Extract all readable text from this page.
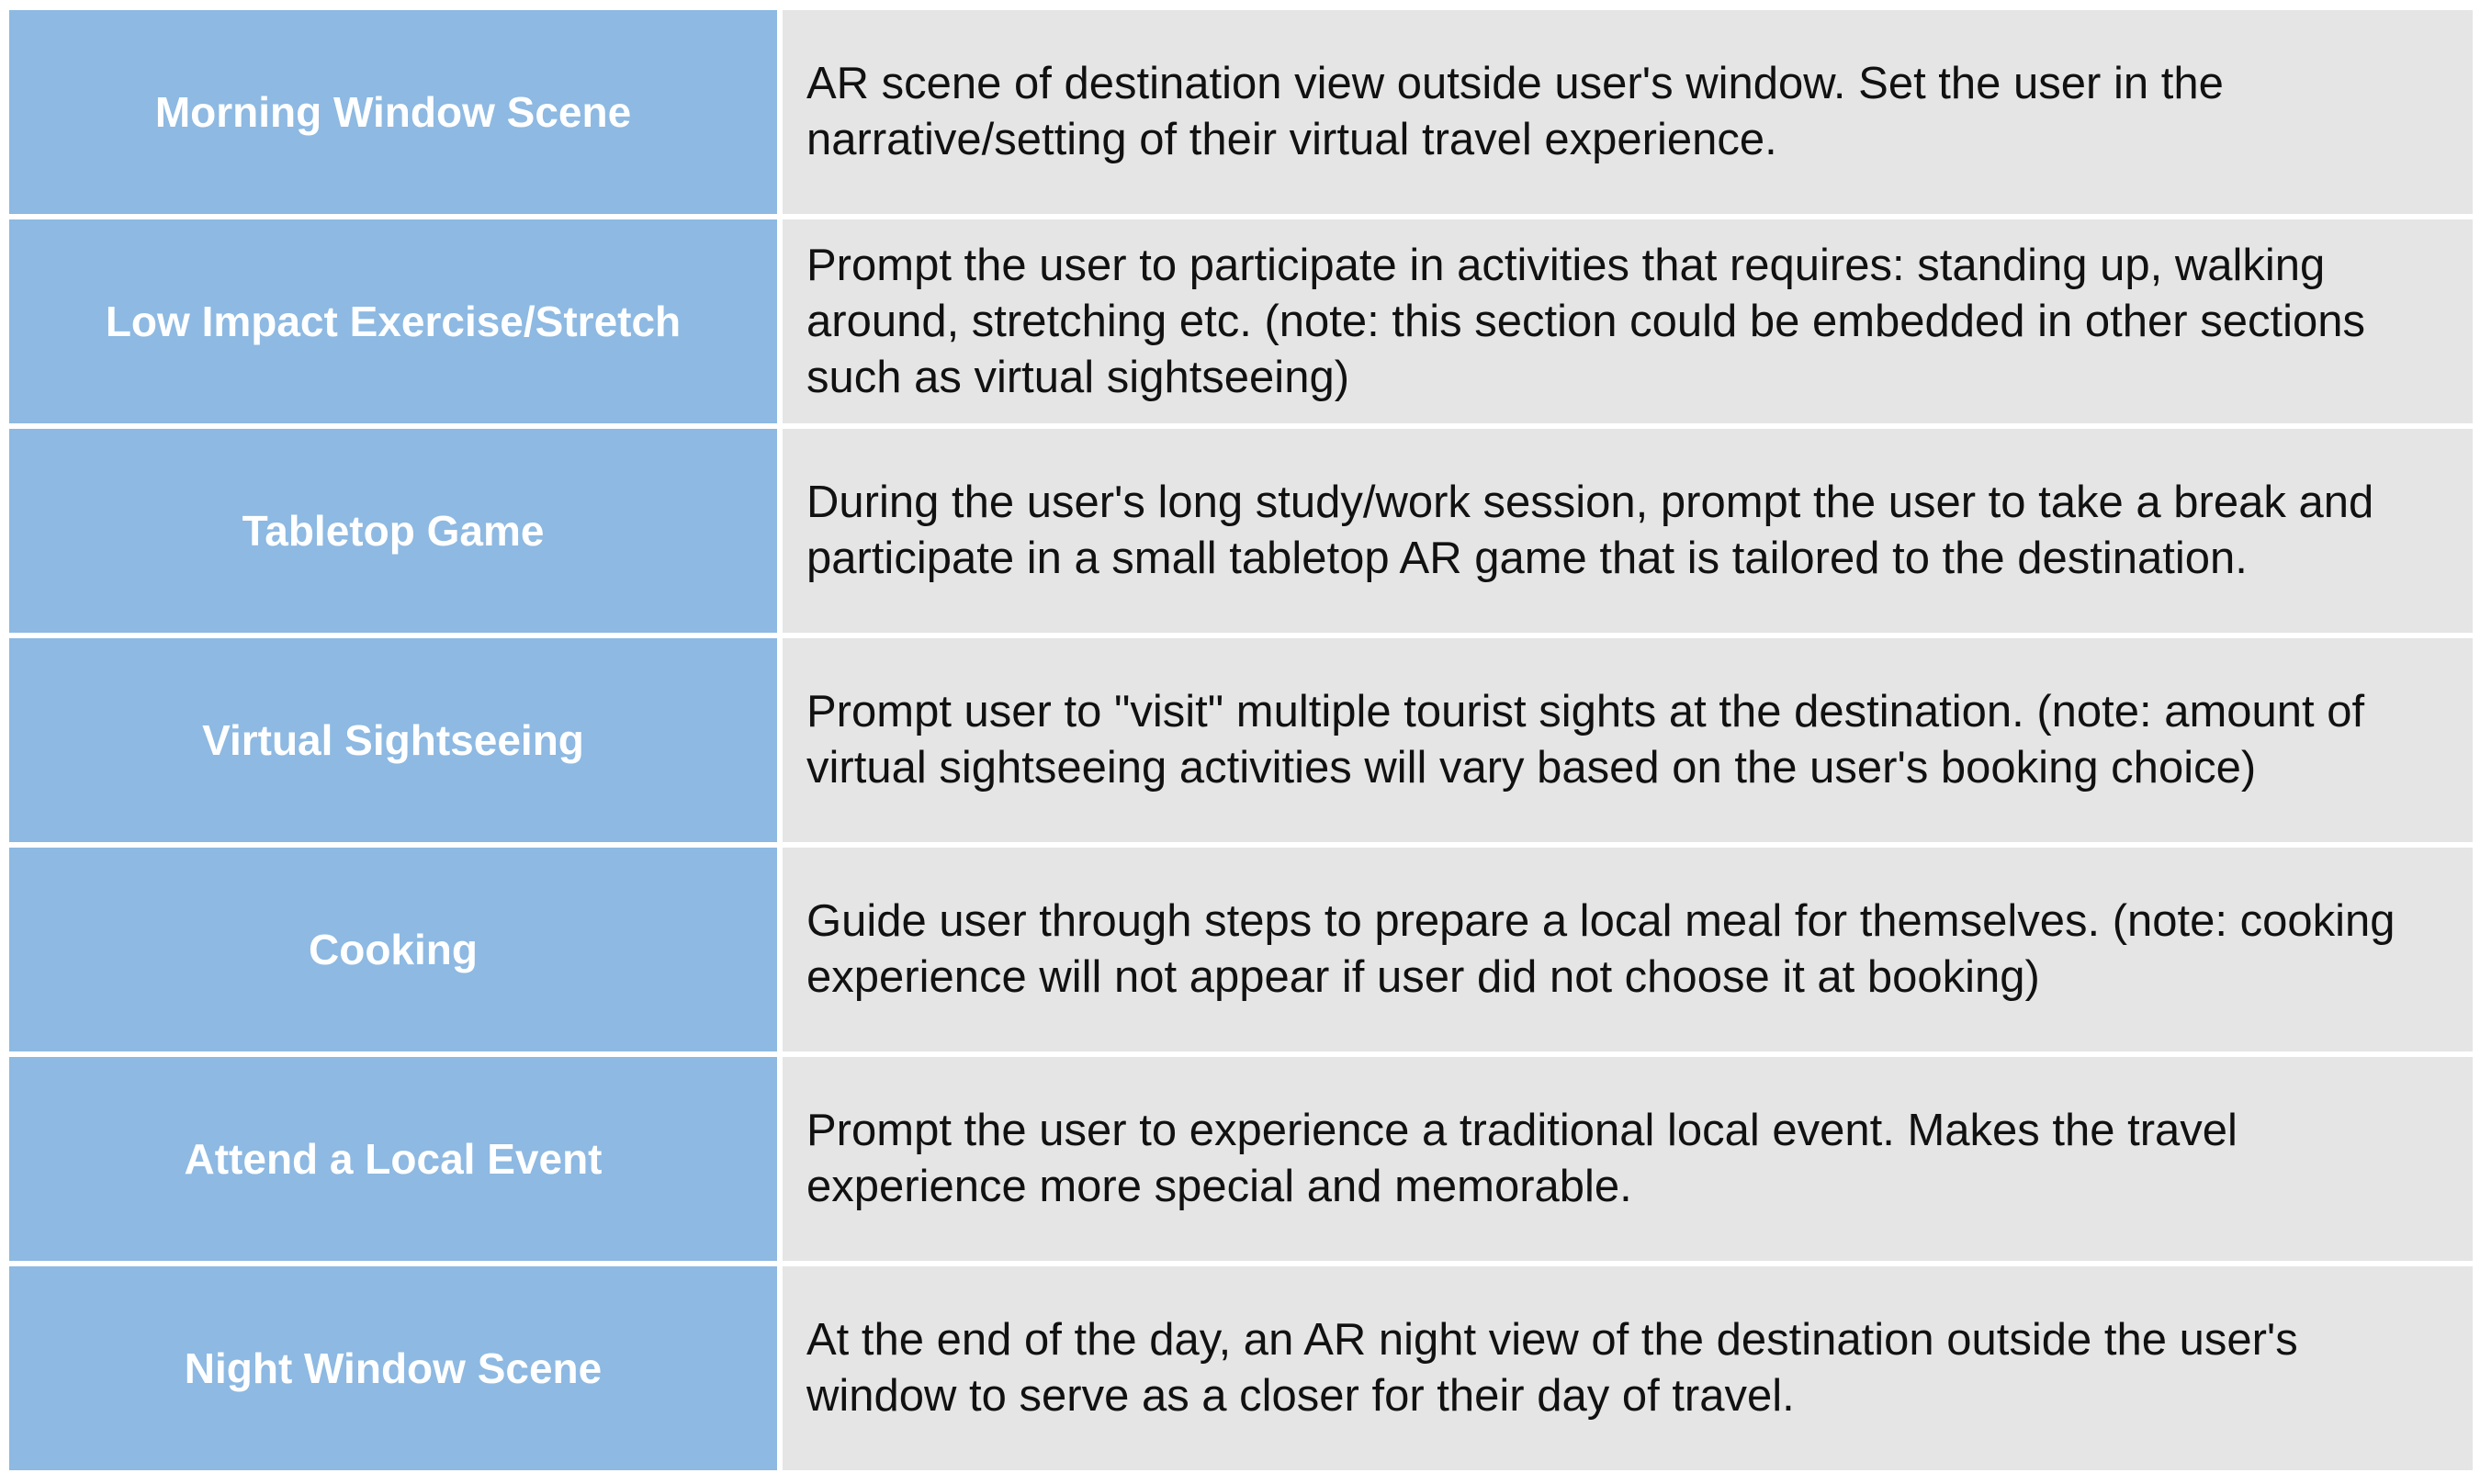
Morning Window Scene
AR scene of destination view outside user's window. Set the user in the narrative/setting of their virtual travel experience.
Low Impact Exercise/Stretch
Prompt the user to participate in activities that requires: standing up, walking around, stretching etc. (note: this section could be embedded in other sections such as virtual sightseeing)
Tabletop Game
During the user's long study/work session, prompt the user to take a break and participate in a small tabletop AR game that is tailored to the destination.
Virtual Sightseeing
Prompt user to "visit" multiple tourist sights at the destination. (note: amount of virtual sightseeing activities will vary based on the user's booking choice)
Cooking
Guide user through steps to prepare a local meal for themselves. (note: cooking experience will not appear if user did not choose it at booking)
Attend a Local Event
Prompt the user to experience a traditional local event. Makes the travel experience more special and memorable.
Night Window Scene
At the end of the day, an AR night view of the destination outside the user's window to serve as a closer for their day of travel.
